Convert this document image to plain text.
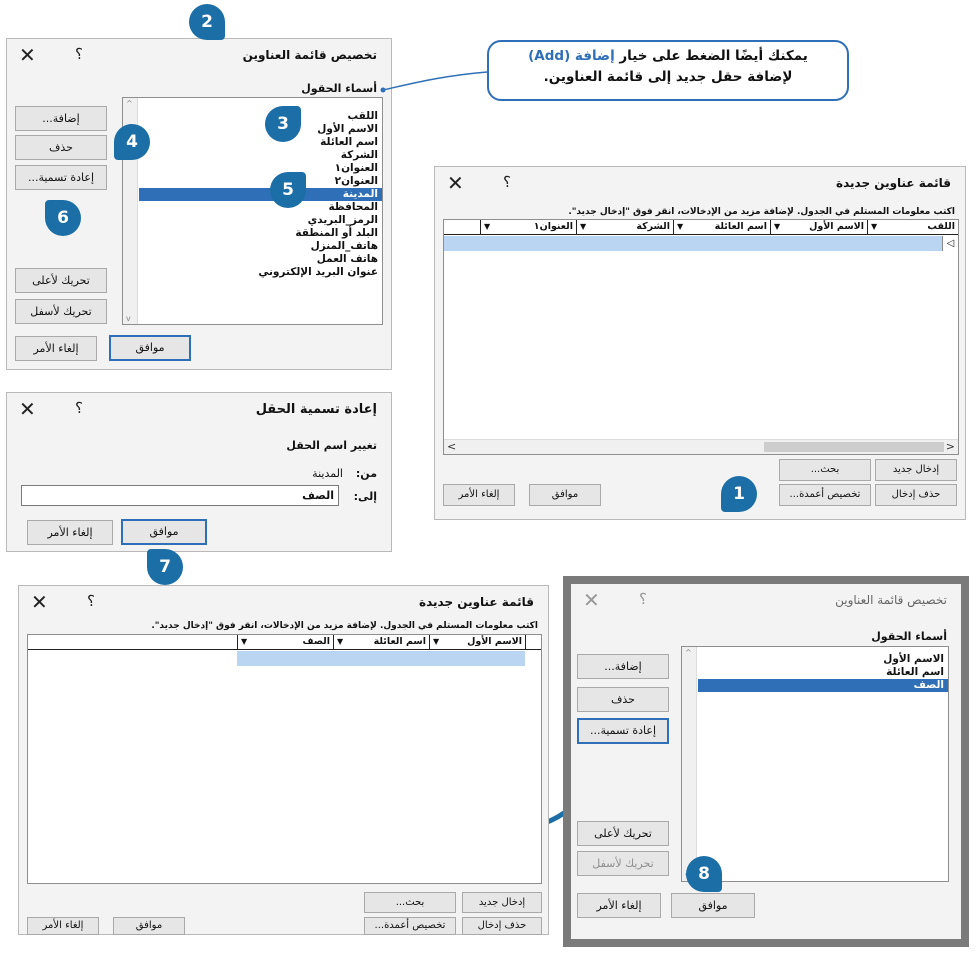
✕	؟	تخصيص قائمة العناوين
أسماء الحقول
^
v
اللقب
الاسم الأول
اسم العائلة
الشركة
العنوان١
العنوان٢
المدينة
المحافظة
الرمز_البريدي
البلد أو المنطقة
هاتف_المنزل
هاتف العمل
عنوان البريد الإلكتروني
إضافة...
حذف
إعادة تسمية...
تحريك لأعلى
تحريك لأسفل
إلغاء الأمر	موافق
يمكنك أيضًا الضغط على خيار إضافة (Add)
لإضافة حقل جديد إلى قائمة العناوين.
✕	؟	قائمة عناوين جديدة
اكتب معلومات المستلم في الجدول. لإضافة مزيد من الإدخالات، انقر فوق "إدخال جديد".
اللقب
▼
الاسم الأول
▼
اسم العائلة
▼
الشركة
▼
العنوان١
▼
◁
<	>
إدخال جديد
بحث...
حذف إدخال
تخصيص أعمدة...
موافق
إلغاء الأمر
✕	؟	إعادة تسمية الحقل
تغيير اسم الحقل
من:
المدينة
إلى:
الصف
موافق
إلغاء الأمر
✕	؟	قائمة عناوين جديدة
اكتب معلومات المستلم في الجدول. لإضافة مزيد من الإدخالات، انقر فوق "إدخال جديد".
الاسم الأول
▼
اسم العائلة
▼
الصف
▼
إدخال جديد
بحث...
حذف إدخال
تخصيص أعمدة...
موافق
إلغاء الأمر
✕	؟	تخصيص قائمة العناوين
أسماء الحقول
^
الاسم الأول
اسم العائلة
الصف
إضافة...
حذف
إعادة تسمية...
تحريك لأعلى
تحريك لأسفل
إلغاء الأمر	موافق
2
3
4
5
6
1
7
8
